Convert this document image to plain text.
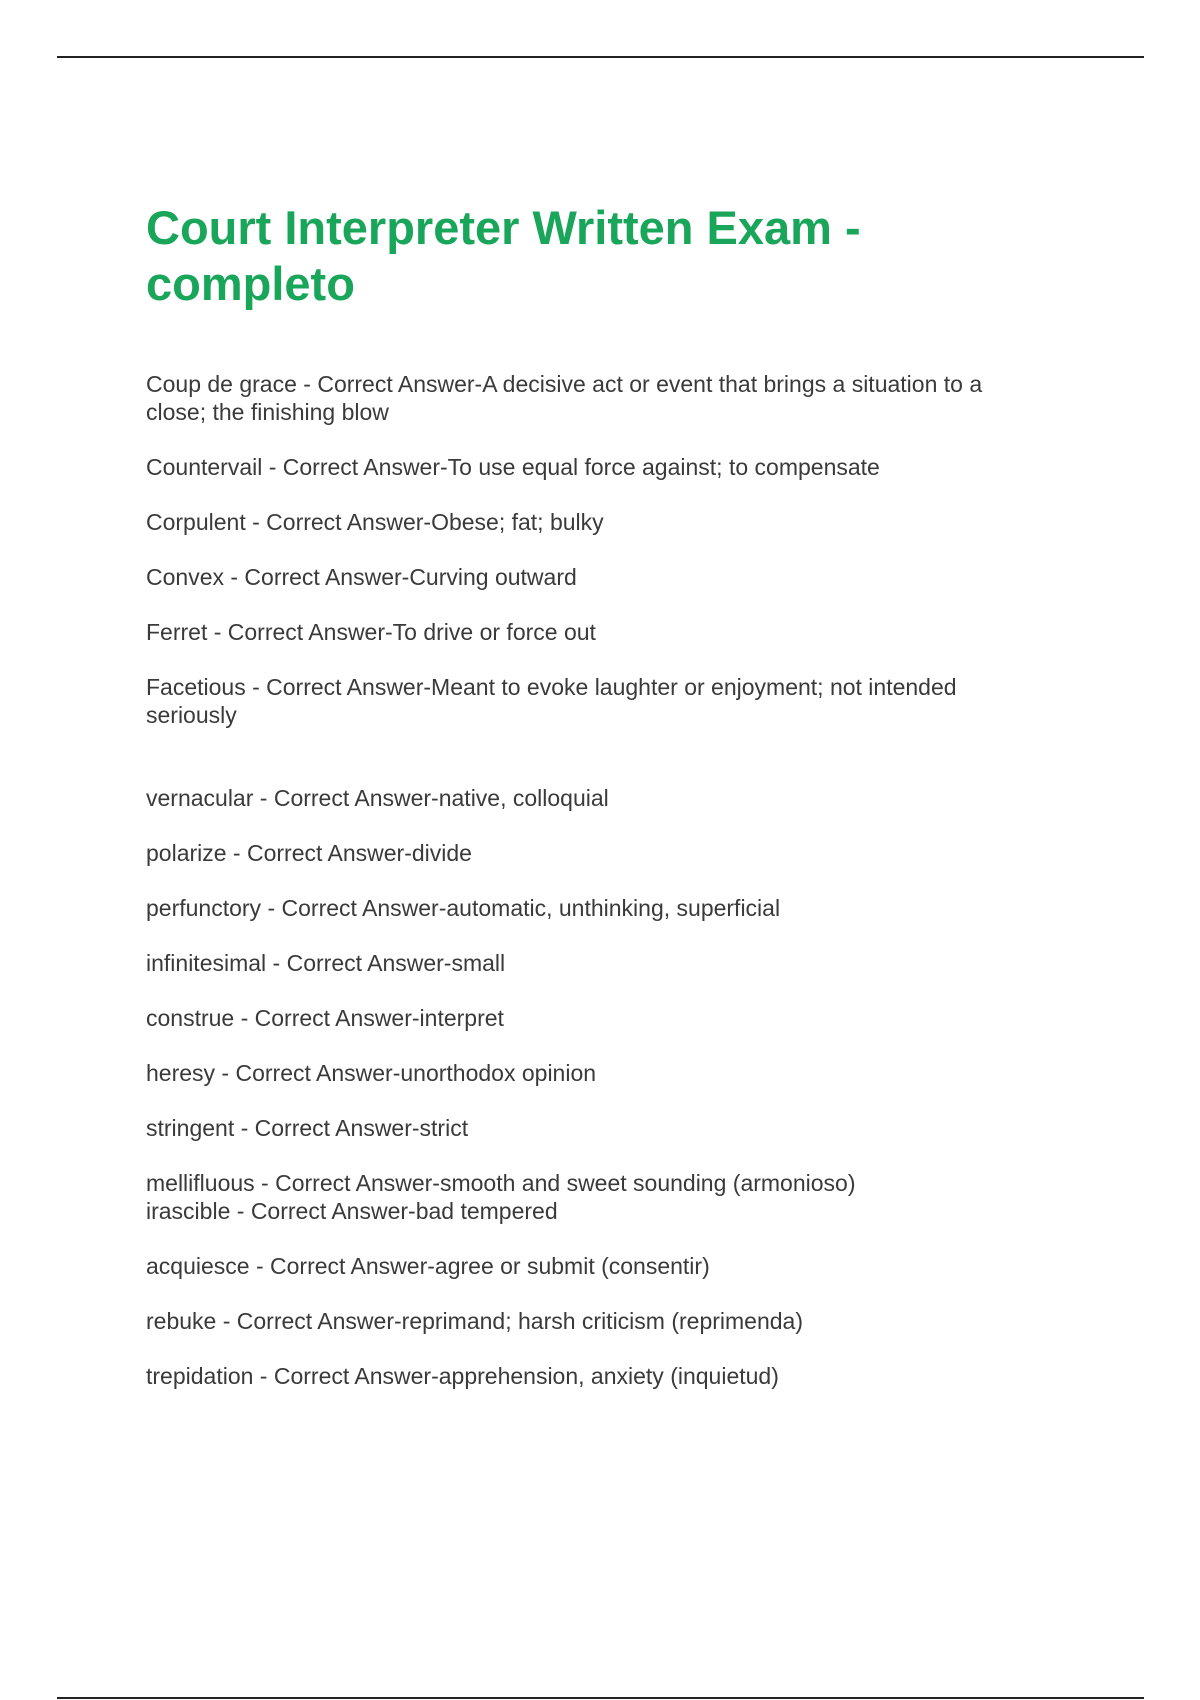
Court Interpreter Written Exam - completo
Coup de grace - Correct Answer-A decisive act or event that brings a situation to a close; the finishing blow
Countervail - Correct Answer-To use equal force against; to compensate
Corpulent - Correct Answer-Obese; fat; bulky
Convex - Correct Answer-Curving outward
Ferret - Correct Answer-To drive or force out
Facetious - Correct Answer-Meant to evoke laughter or enjoyment; not intended seriously
vernacular - Correct Answer-native, colloquial
polarize - Correct Answer-divide
perfunctory - Correct Answer-automatic, unthinking, superficial
infinitesimal - Correct Answer-small
construe - Correct Answer-interpret
heresy - Correct Answer-unorthodox opinion
stringent - Correct Answer-strict
mellifluous - Correct Answer-smooth and sweet sounding (armonioso)
irascible - Correct Answer-bad tempered
acquiesce - Correct Answer-agree or submit (consentir)
rebuke - Correct Answer-reprimand; harsh criticism (reprimenda)
trepidation - Correct Answer-apprehension, anxiety (inquietud)
